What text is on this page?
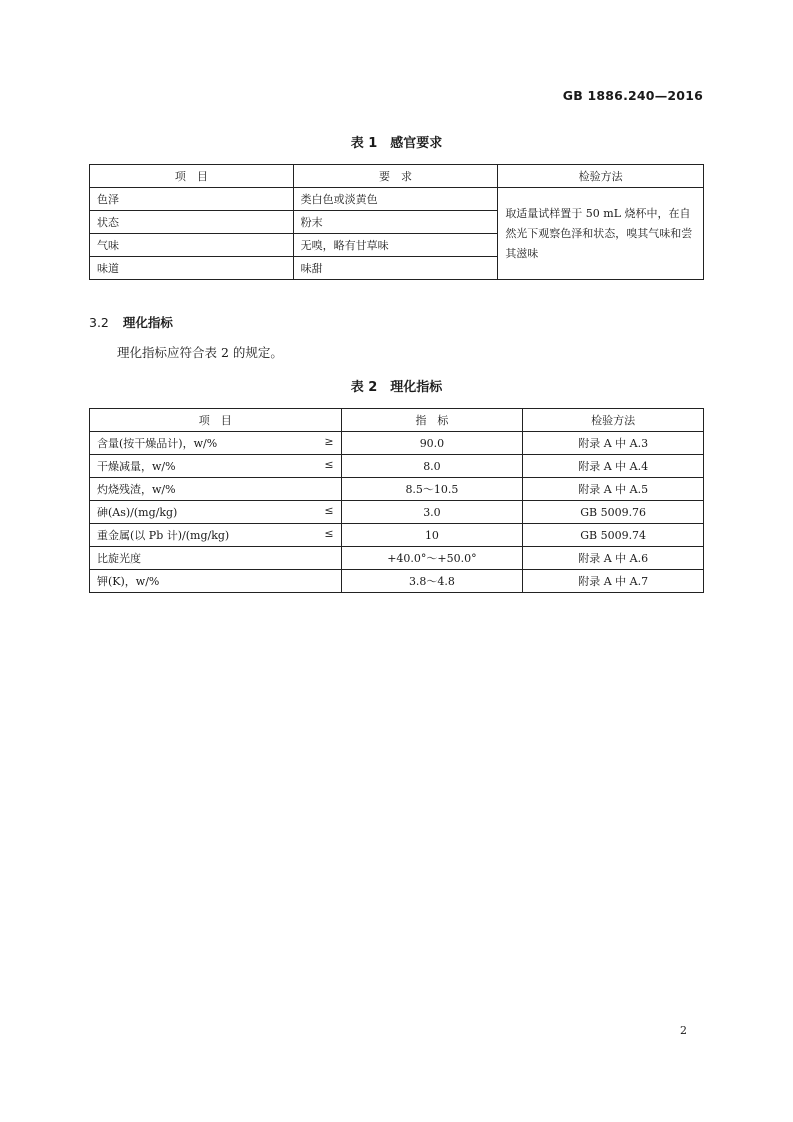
GB 1886.240—2016
表 1　感官要求
项　目	要　求	检验方法
色泽	类白色或淡黄色	取适量试样置于 50 mL 烧杯中，在自然光下观察色泽和状态，嗅其气味和尝其滋味
状态	粉末	
气味	无嗅，略有甘草味	
味道	味甜	
3.2 理化指标
理化指标应符合表 2 的规定。
表 2　理化指标
项　目	指　标	检验方法
含量(按干燥品计)，w/% ≥	90.0	附录 A 中 A.3
干燥减量，w/% ≤	8.0	附录 A 中 A.4
灼烧残渣，w/%	8.5～10.5	附录 A 中 A.5
砷(As)/(mg/kg) ≤	3.0	GB 5009.76
重金属(以 Pb 计)/(mg/kg) ≤	10	GB 5009.74
比旋光度	+40.0°～+50.0°	附录 A 中 A.6
钾(K)，w/%	3.8～4.8	附录 A 中 A.7
2
